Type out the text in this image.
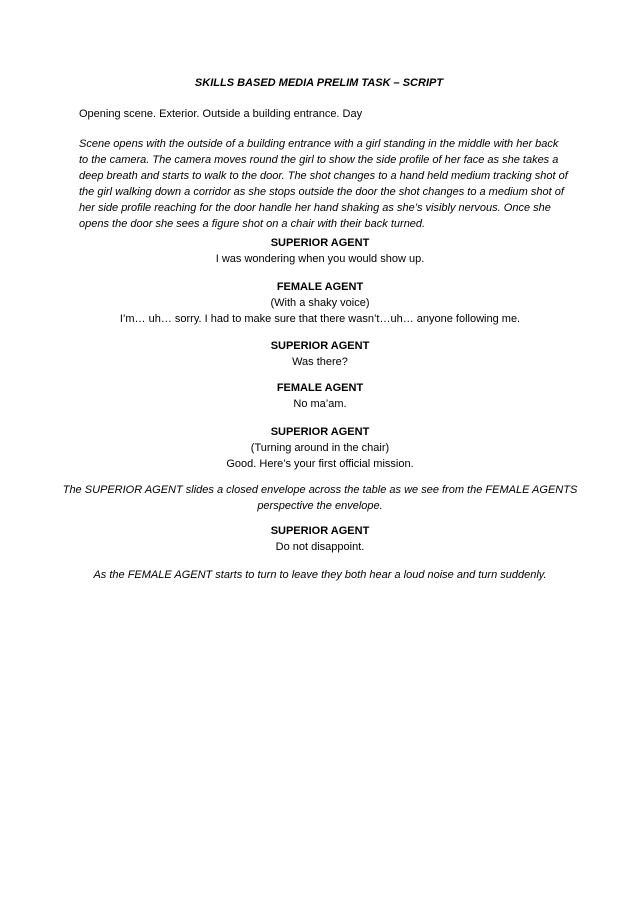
SKILLS BASED MEDIA PRELIM TASK – SCRIPT
Opening scene. Exterior. Outside a building entrance. Day
Scene opens with the outside of a building entrance with a girl standing in the middle with her back to the camera. The camera moves round the girl to show the side profile of her face as she takes a deep breath and starts to walk to the door. The shot changes to a hand held medium tracking shot of the girl walking down a corridor as she stops outside the door the shot changes to a medium shot of her side profile reaching for the door handle her hand shaking as she’s visibly nervous. Once she opens the door she sees a figure shot on a chair with their back turned.
SUPERIOR AGENT
I was wondering when you would show up.
FEMALE AGENT
(With a shaky voice)
I’m… uh… sorry. I had to make sure that there wasn’t…uh… anyone following me.
SUPERIOR AGENT
Was there?
FEMALE AGENT
No ma’am.
SUPERIOR AGENT
(Turning around in the chair)
Good. Here’s your first official mission.
The SUPERIOR AGENT slides a closed envelope across the table as we see from the FEMALE AGENTS perspective the envelope.
SUPERIOR AGENT
Do not disappoint.
As the FEMALE AGENT starts to turn to leave they both hear a loud noise and turn suddenly.
